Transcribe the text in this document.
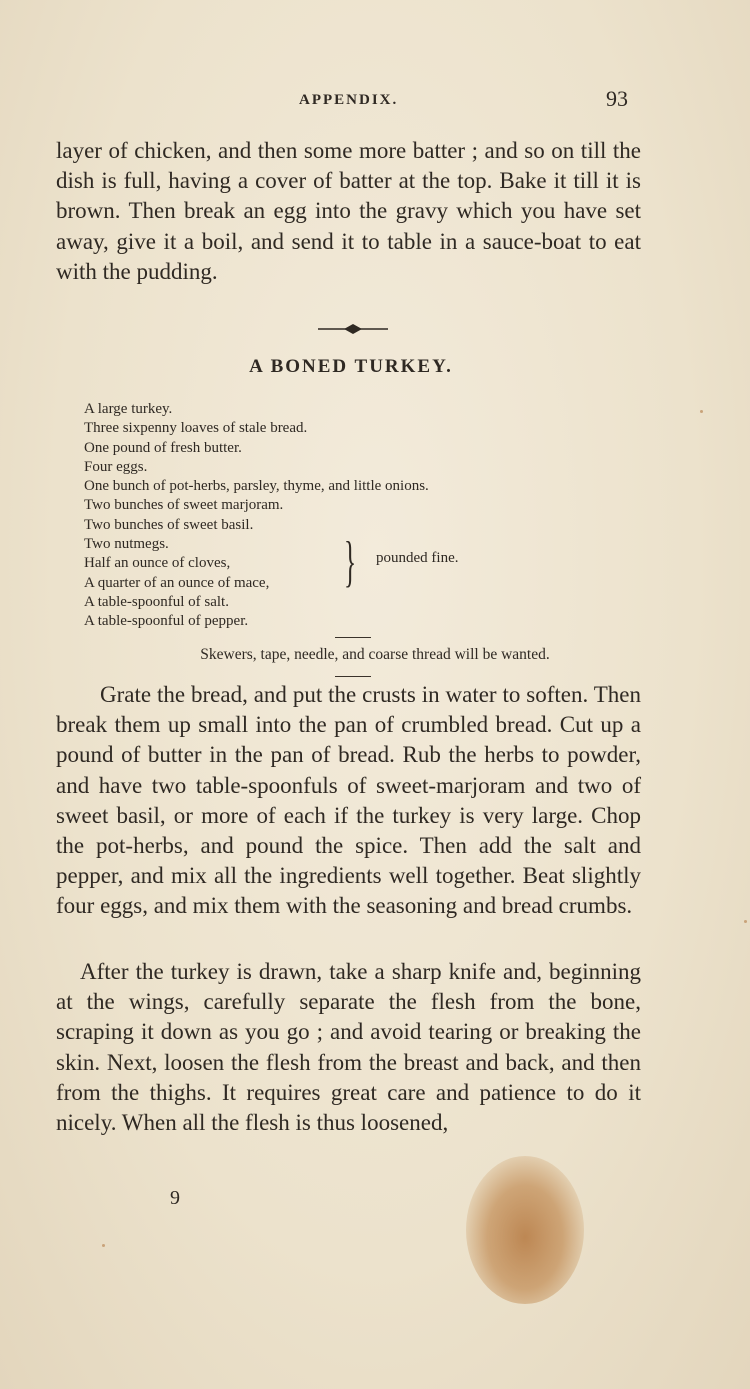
APPENDIX.	93

layer of chicken, and then some more batter ; and so on till the dish is full, having a cover of batter at the top. Bake it till it is brown. Then break an egg into the gravy which you have set away, give it a boil, and send it to table in a sauce-boat to eat with the pudding.

A BONED TURKEY.
A large turkey.
Three sixpenny loaves of stale bread.
One pound of fresh butter.
Four eggs.
One bunch of pot-herbs, parsley, thyme, and little onions.
Two bunches of sweet marjoram.
Two bunches of sweet basil.
Two nutmegs.
Half an ounce of cloves,
A quarter of an ounce of mace,
A table-spoonful of salt.
A table-spoonful of pepper.
} pounded fine.
Skewers, tape, needle, and coarse thread will be wanted.

Grate the bread, and put the crusts in water to soften. Then break them up small into the pan of crumbled bread. Cut up a pound of butter in the pan of bread. Rub the herbs to powder, and have two table-spoonfuls of sweet-marjoram and two of sweet basil, or more of each if the turkey is very large. Chop the pot-herbs, and pound the spice. Then add the salt and pepper, and mix all the ingredients well together. Beat slightly four eggs, and mix them with the seasoning and bread crumbs.

After the turkey is drawn, take a sharp knife and, beginning at the wings, carefully separate the flesh from the bone, scraping it down as you go ; and avoid tearing or breaking the skin. Next, loosen the flesh from the breast and back, and then from the thighs. It requires great care and patience to do it nicely. When all the flesh is thus loosened,

9
